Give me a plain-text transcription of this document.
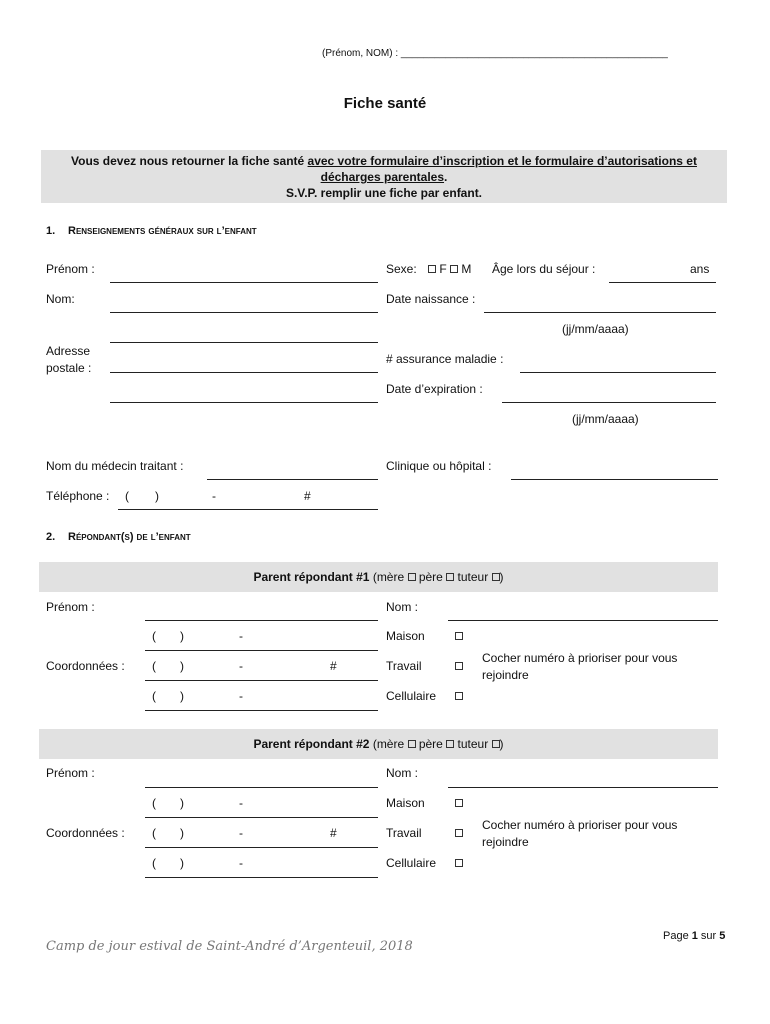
(Prénom, NOM) : ________________________________________________
Fiche santé
Vous devez nous retourner la fiche santé avec votre formulaire d’inscription et le formulaire d’autorisations et
décharges parentales.
S.V.P. remplir une fiche par enfant.
1. Renseignements généraux sur l’enfant
Prénom :	Sexe:	F M Âge lors du séjour :	ans
Nom:	Date naissance :
(jj/mm/aaaa)
Adresse
postale :
# assurance maladie :
Date d’expiration :
(jj/mm/aaaa)
Nom du médecin traitant :	Clinique ou hôpital :
Téléphone : ( )	-	#
2. Répondant(s) de l’enfant
Parent répondant #1 (mère  père  tuteur )
Prénom :	Nom :
( )	-	Maison
Coordonnées : ( )	-	#	Travail
Cocher numéro à prioriser pour vous
rejoindre
( )	-	Cellulaire
Parent répondant #2 (mère  père  tuteur )
Prénom :	Nom :
( )	-	Maison
Coordonnées : ( )	-	#	Travail
Cocher numéro à prioriser pour vous
rejoindre
( )	-	Cellulaire
Page 1 sur 5
Camp de jour estival de Saint-André d’Argenteuil, 2018
